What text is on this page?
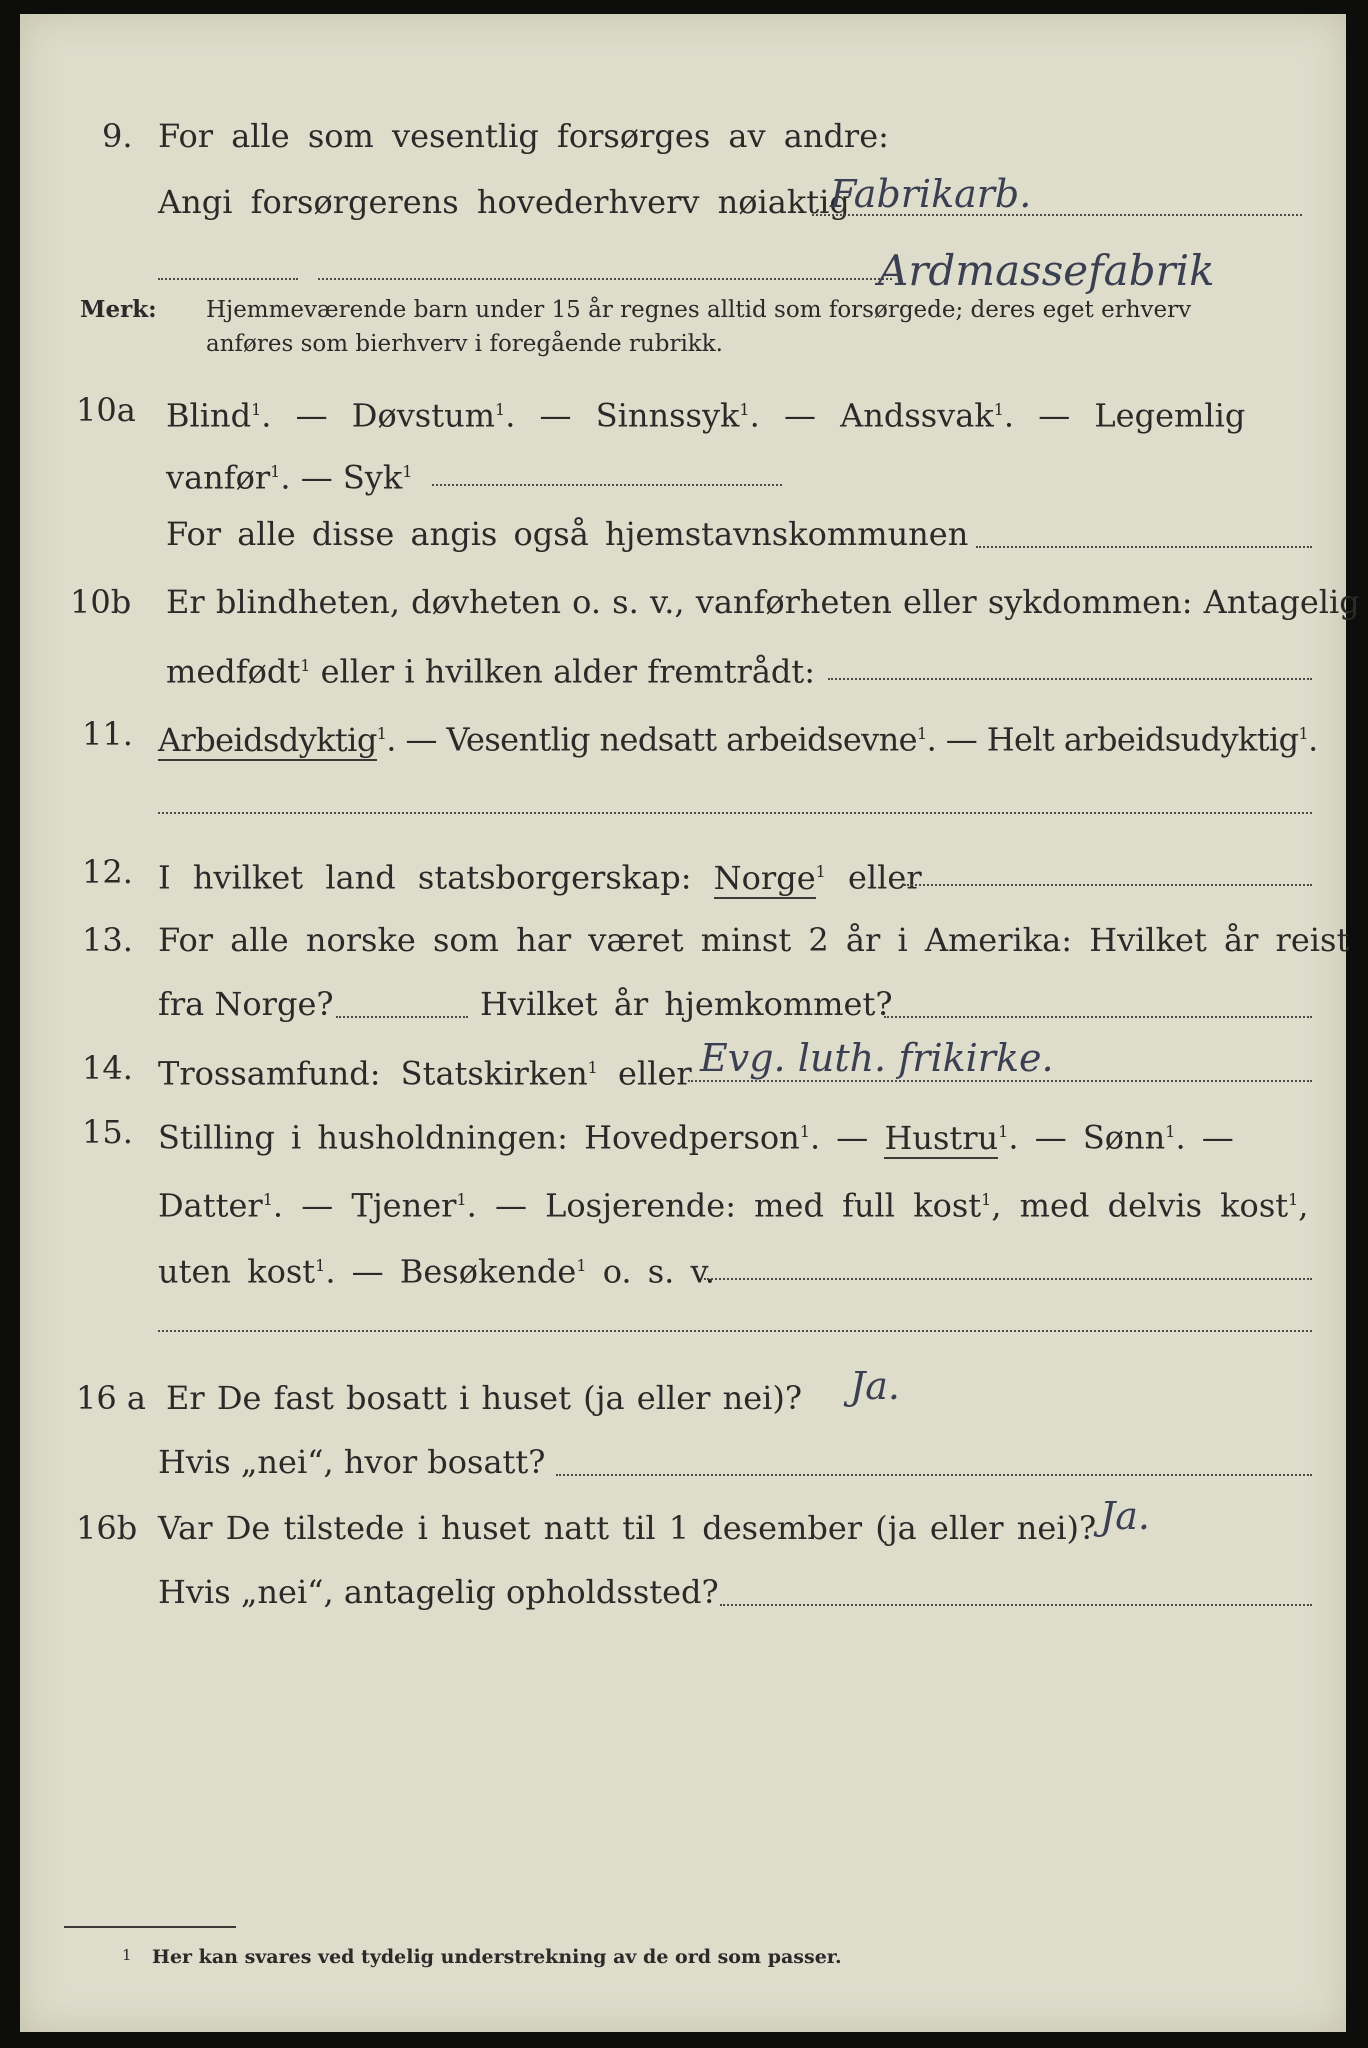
9. For alle som vesentlig forsørges av andre:
Angi forsørgerens hovederhverv nøiaktig
Fabrikarb.
Ardmassefabrik
Merk: Hjemmeværende barn under 15 år regnes alltid som forsørgede; deres eget erhverv
anføres som bierhverv i foregående rubrikk.
10a Blind$^1$. — Døvstum$^1$. — Sinnssyk$^1$. — Andssvak$^1$. — Legemlig
vanfør$^1$. — Syk$^1$
For alle disse angis også hjemstavnskommunen
10b Er blindheten, døvheten o. s. v., vanførheten eller sykdommen: Antagelig
medfødt$^1$ eller i hvilken alder fremtrådt:
11. Arbeidsdyktig$^1$. — Vesentlig nedsatt arbeidsevne$^1$. — Helt arbeidsudyktig$^1$.
12. I hvilket land statsborgerskap: Norge$^1$ eller
13. For alle norske som har været minst 2 år i Amerika: Hvilket år reist
fra Norge?	Hvilket år hjemkommet?
14. Trossamfund: Statskirken$^1$ eller Evg. luth. frikirke.
15. Stilling i husholdningen: Hovedperson$^1$. — Hustru$^1$. — Sønn$^1$. —
Datter$^1$. — Tjener$^1$. — Losjerende: med full kost$^1$, med delvis kost$^1$,
uten kost$^1$. — Besøkende$^1$ o. s. v.
16 a Er De fast bosatt i huset (ja eller nei)? Ja.
Hvis „nei“, hvor bosatt?
16b Var De tilstede i huset natt til 1 desember (ja eller nei)? Ja.
Hvis „nei“, antagelig opholdssted?
1 Her kan svares ved tydelig understrekning av de ord som passer.
